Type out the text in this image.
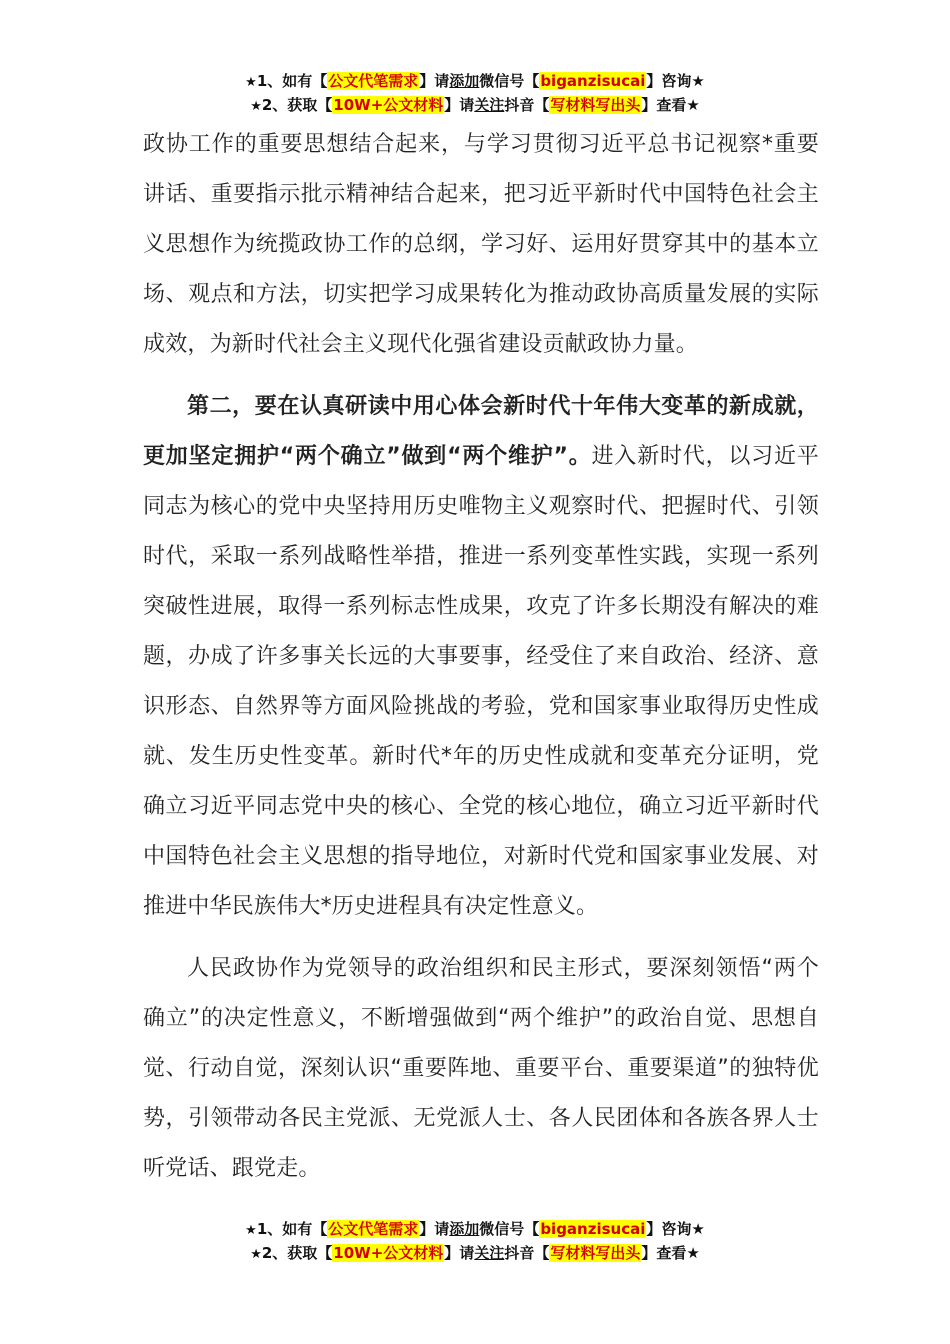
★1、如有【公文代笔需求】请添加微信号【biganzisucai】咨询★
★2、获取【10W+公文材料】请关注抖音【写材料写出头】查看★

政协工作的重要思想结合起来，与学习贯彻习近平总书记视察*重要讲话、重要指示批示精神结合起来，把习近平新时代中国特色社会主义思想作为统揽政协工作的总纲，学习好、运用好贯穿其中的基本立场、观点和方法，切实把学习成果转化为推动政协高质量发展的实际成效，为新时代社会主义现代化强省建设贡献政协力量。

第二，要在认真研读中用心体会新时代十年伟大变革的新成就，更加坚定拥护“两个确立”做到“两个维护”。进入新时代，以习近平同志为核心的党中央坚持用历史唯物主义观察时代、把握时代、引领时代，采取一系列战略性举措，推进一系列变革性实践，实现一系列突破性进展，取得一系列标志性成果，攻克了许多长期没有解决的难题，办成了许多事关长远的大事要事，经受住了来自政治、经济、意识形态、自然界等方面风险挑战的考验，党和国家事业取得历史性成就、发生历史性变革。新时代*年的历史性成就和变革充分证明，党确立习近平同志党中央的核心、全党的核心地位，确立习近平新时代中国特色社会主义思想的指导地位，对新时代党和国家事业发展、对推进中华民族伟大*历史进程具有决定性意义。

人民政协作为党领导的政治组织和民主形式，要深刻领悟“两个确立”的决定性意义，不断增强做到“两个维护”的政治自觉、思想自觉、行动自觉，深刻认识“重要阵地、重要平台、重要渠道”的独特优势，引领带动各民主党派、无党派人士、各人民团体和各族各界人士听党话、跟党走。

★1、如有【公文代笔需求】请添加微信号【biganzisucai】咨询★
★2、获取【10W+公文材料】请关注抖音【写材料写出头】查看★
